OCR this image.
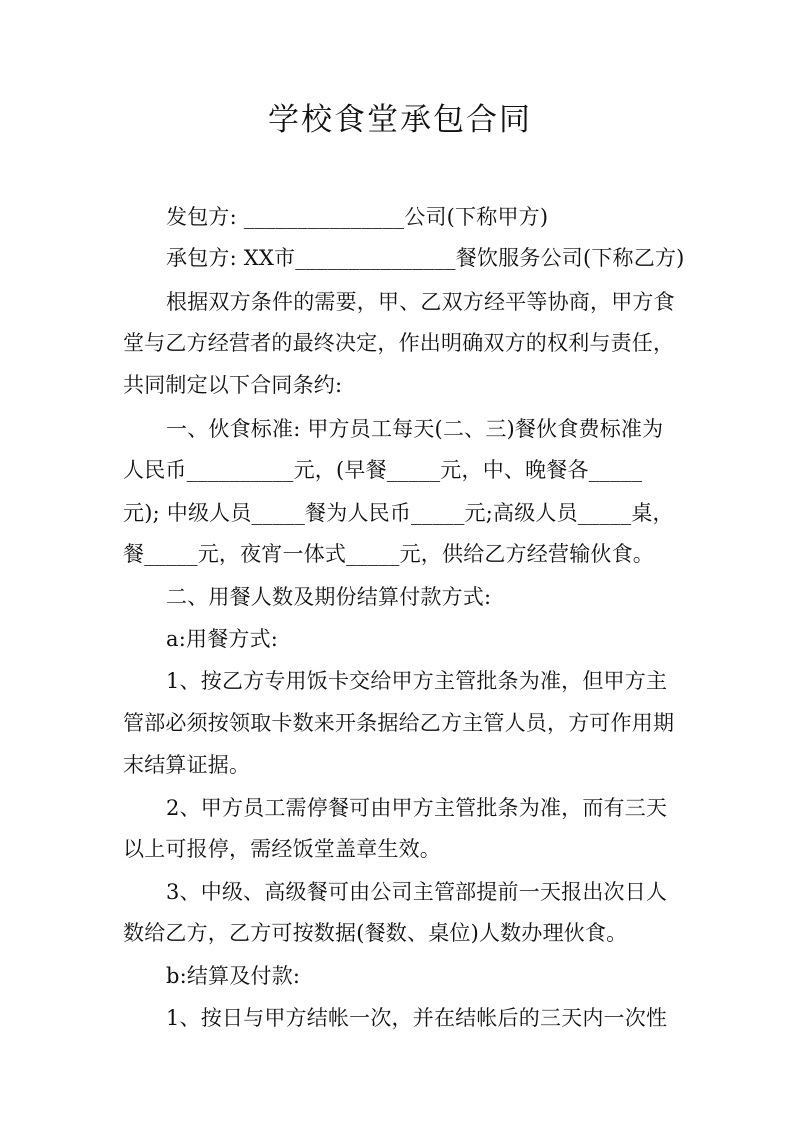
学校食堂承包合同
发包方: _______________公司(下称甲方)
承包方: XX市_______________餐饮服务公司(下称乙方)
根据双方条件的需要，甲、乙双方经平等协商，甲方食
堂与乙方经营者的最终决定，作出明确双方的权利与责任，
共同制定以下合同条约:
一、伙食标准: 甲方员工每天(二、三)餐伙食费标准为
人民币__________元，(早餐_____元，中、晚餐各_____
元); 中级人员_____餐为人民币_____元;高级人员_____桌，
餐_____元，夜宵一体式_____元，供给乙方经营输伙食。
二、用餐人数及期份结算付款方式:
a:用餐方式:
1、按乙方专用饭卡交给甲方主管批条为准，但甲方主
管部必须按领取卡数来开条据给乙方主管人员，方可作用期
末结算证据。
2、甲方员工需停餐可由甲方主管批条为准，而有三天
以上可报停，需经饭堂盖章生效。
3、中级、高级餐可由公司主管部提前一天报出次日人
数给乙方，乙方可按数据(餐数、桌位)人数办理伙食。
b:结算及付款:
1、按日与甲方结帐一次，并在结帐后的三天内一次性
